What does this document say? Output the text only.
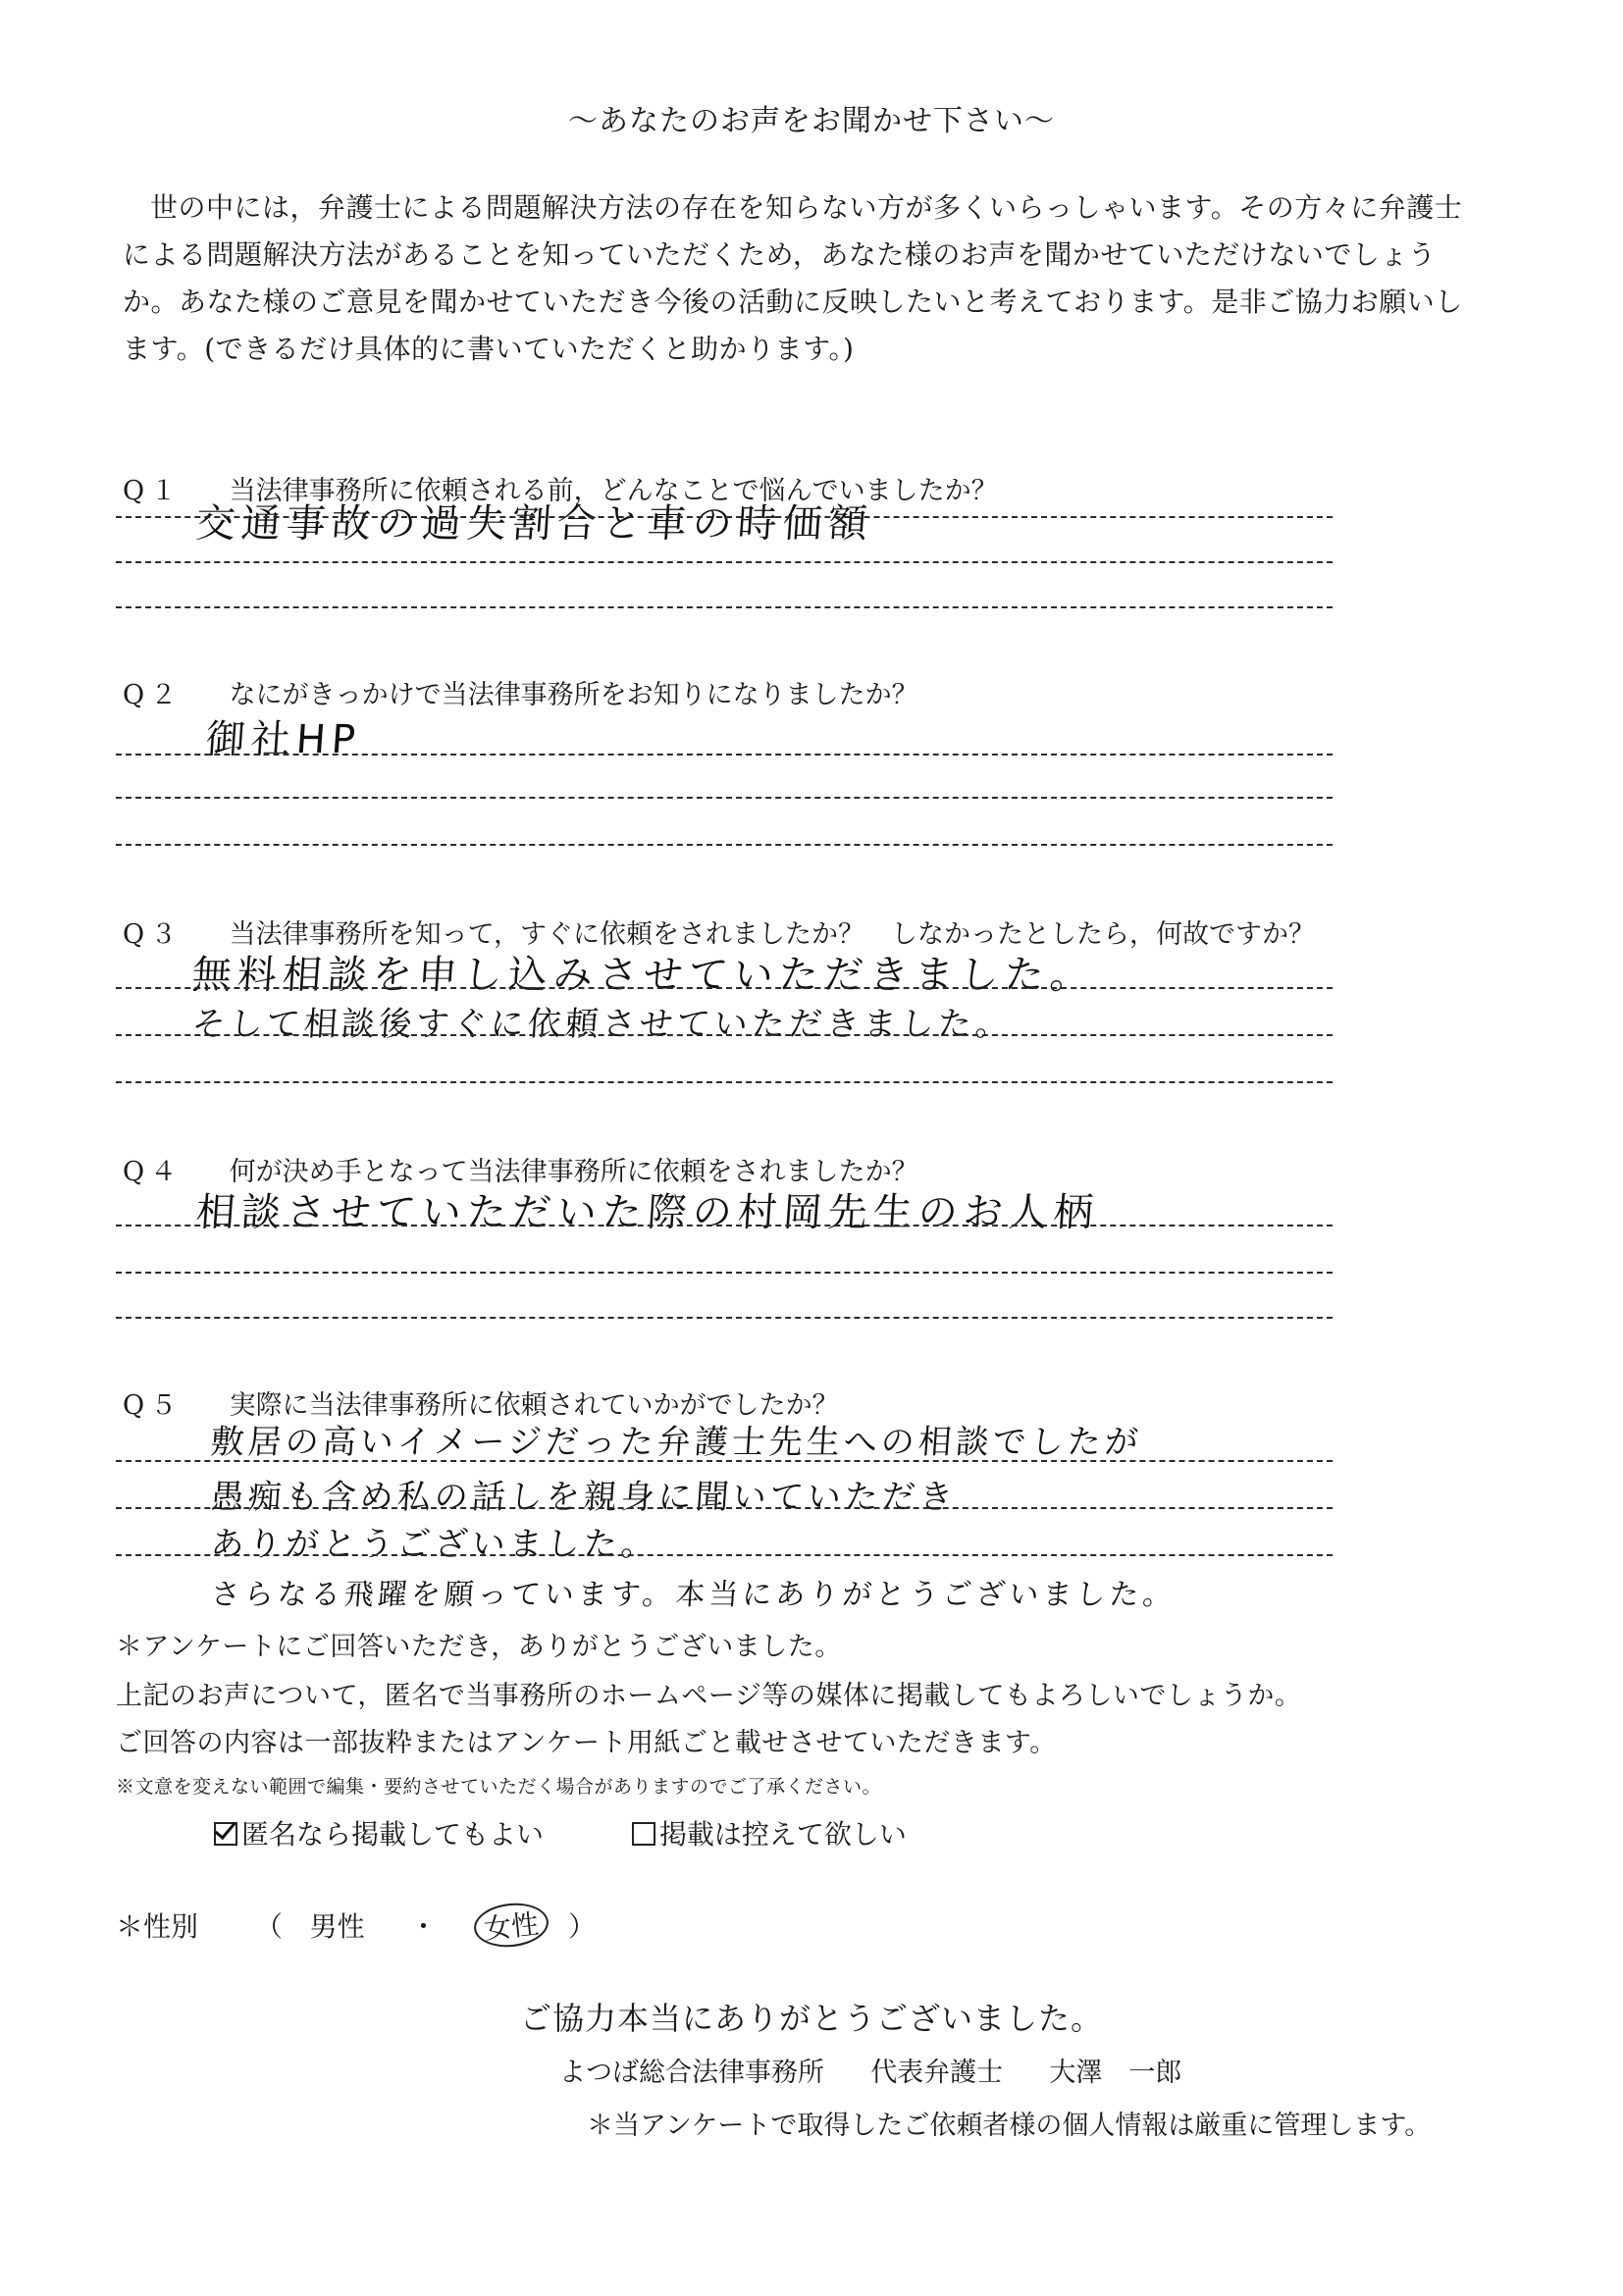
〜あなたのお声をお聞かせ下さい〜
世の中には，弁護士による問題解決方法の存在を知らない方が多くいらっしゃいます。その方々に弁護士
による問題解決方法があることを知っていただくため，あなた様のお声を聞かせていただけないでしょう
か。あなた様のご意見を聞かせていただき今後の活動に反映したいと考えております。是非ご協力お願いし
ます。(できるだけ具体的に書いていただくと助かります。)
Q１ 当法律事務所に依頼される前，どんなことで悩んでいましたか？
交通事故の過失割合と車の時価額
Q２ なにがきっかけで当法律事務所をお知りになりましたか？
御社HP
Q３ 当法律事務所を知って，すぐに依頼をされましたか？　しなかったとしたら，何故ですか？
無料相談を申し込みさせていただきました。
そして相談後すぐに依頼させていただきました。
Q４ 何が決め手となって当法律事務所に依頼をされましたか？
相談させていただいた際の村岡先生のお人柄
Q５ 実際に当法律事務所に依頼されていかがでしたか？
敷居の高いイメージだった弁護士先生への相談でしたが
愚痴も含め私の話しを親身に聞いていただき
ありがとうございました。
さらなる飛躍を願っています。本当にありがとうございました。
＊アンケートにご回答いただき，ありがとうございました。
上記のお声について，匿名で当事務所のホームページ等の媒体に掲載してもよろしいでしょうか。
ご回答の内容は一部抜粋またはアンケート用紙ごと載せさせていただきます。
※文意を変えない範囲で編集・要約させていただく場合がありますのでご了承ください。
匿名なら掲載してもよい	掲載は控えて欲しい
＊性別 （ 男性 ・ 女性 ）
ご協力本当にありがとうございました。
よつば総合法律事務所 代表弁護士 大澤　一郎
＊当アンケートで取得したご依頼者様の個人情報は厳重に管理します。
